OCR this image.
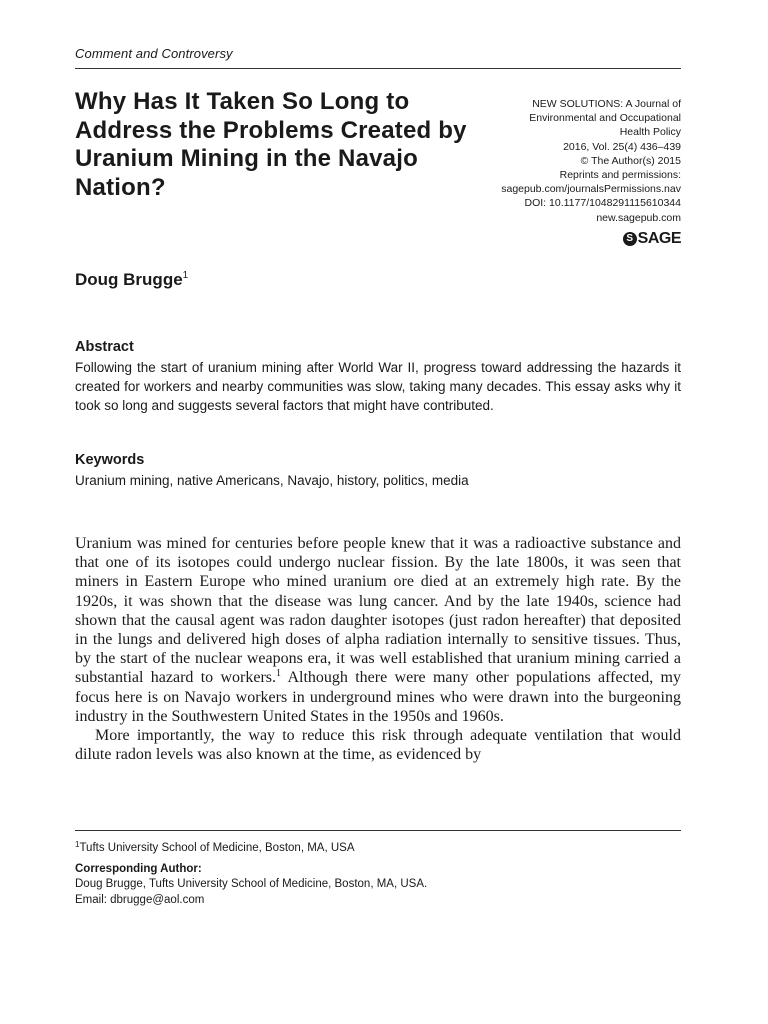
Comment and Controversy
Why Has It Taken So Long to Address the Problems Created by Uranium Mining in the Navajo Nation?
NEW SOLUTIONS: A Journal of
Environmental and Occupational
Health Policy
2016, Vol. 25(4) 436–439
© The Author(s) 2015
Reprints and permissions:
sagepub.com/journalsPermissions.nav
DOI: 10.1177/1048291115610344
new.sagepub.com
S SAGE
Doug Brugge$^1$
Abstract

Following the start of uranium mining after World War II, progress toward addressing the hazards it created for workers and nearby communities was slow, taking many decades. This essay asks why it took so long and suggests several factors that might have contributed.

Keywords

Uranium mining, native Americans, Navajo, history, politics, media

Uranium was mined for centuries before people knew that it was a radioactive substance and that one of its isotopes could undergo nuclear fission. By the late 1800s, it was seen that miners in Eastern Europe who mined uranium ore died at an extremely high rate. By the 1920s, it was shown that the disease was lung cancer. And by the late 1940s, science had shown that the causal agent was radon daughter isotopes (just radon hereafter) that deposited in the lungs and delivered high doses of alpha radiation internally to sensitive tissues. Thus, by the start of the nuclear weapons era, it was well established that uranium mining carried a substantial hazard to workers.$^1$ Although there were many other populations affected, my focus here is on Navajo workers in underground mines who were drawn into the burgeoning industry in the Southwestern United States in the 1950s and 1960s.

More importantly, the way to reduce this risk through adequate ventilation that would dilute radon levels was also known at the time, as evidenced by

$^1$Tufts University School of Medicine, Boston, MA, USA
Corresponding Author:
Doug Brugge, Tufts University School of Medicine, Boston, MA, USA.
Email: dbrugge@aol.com
